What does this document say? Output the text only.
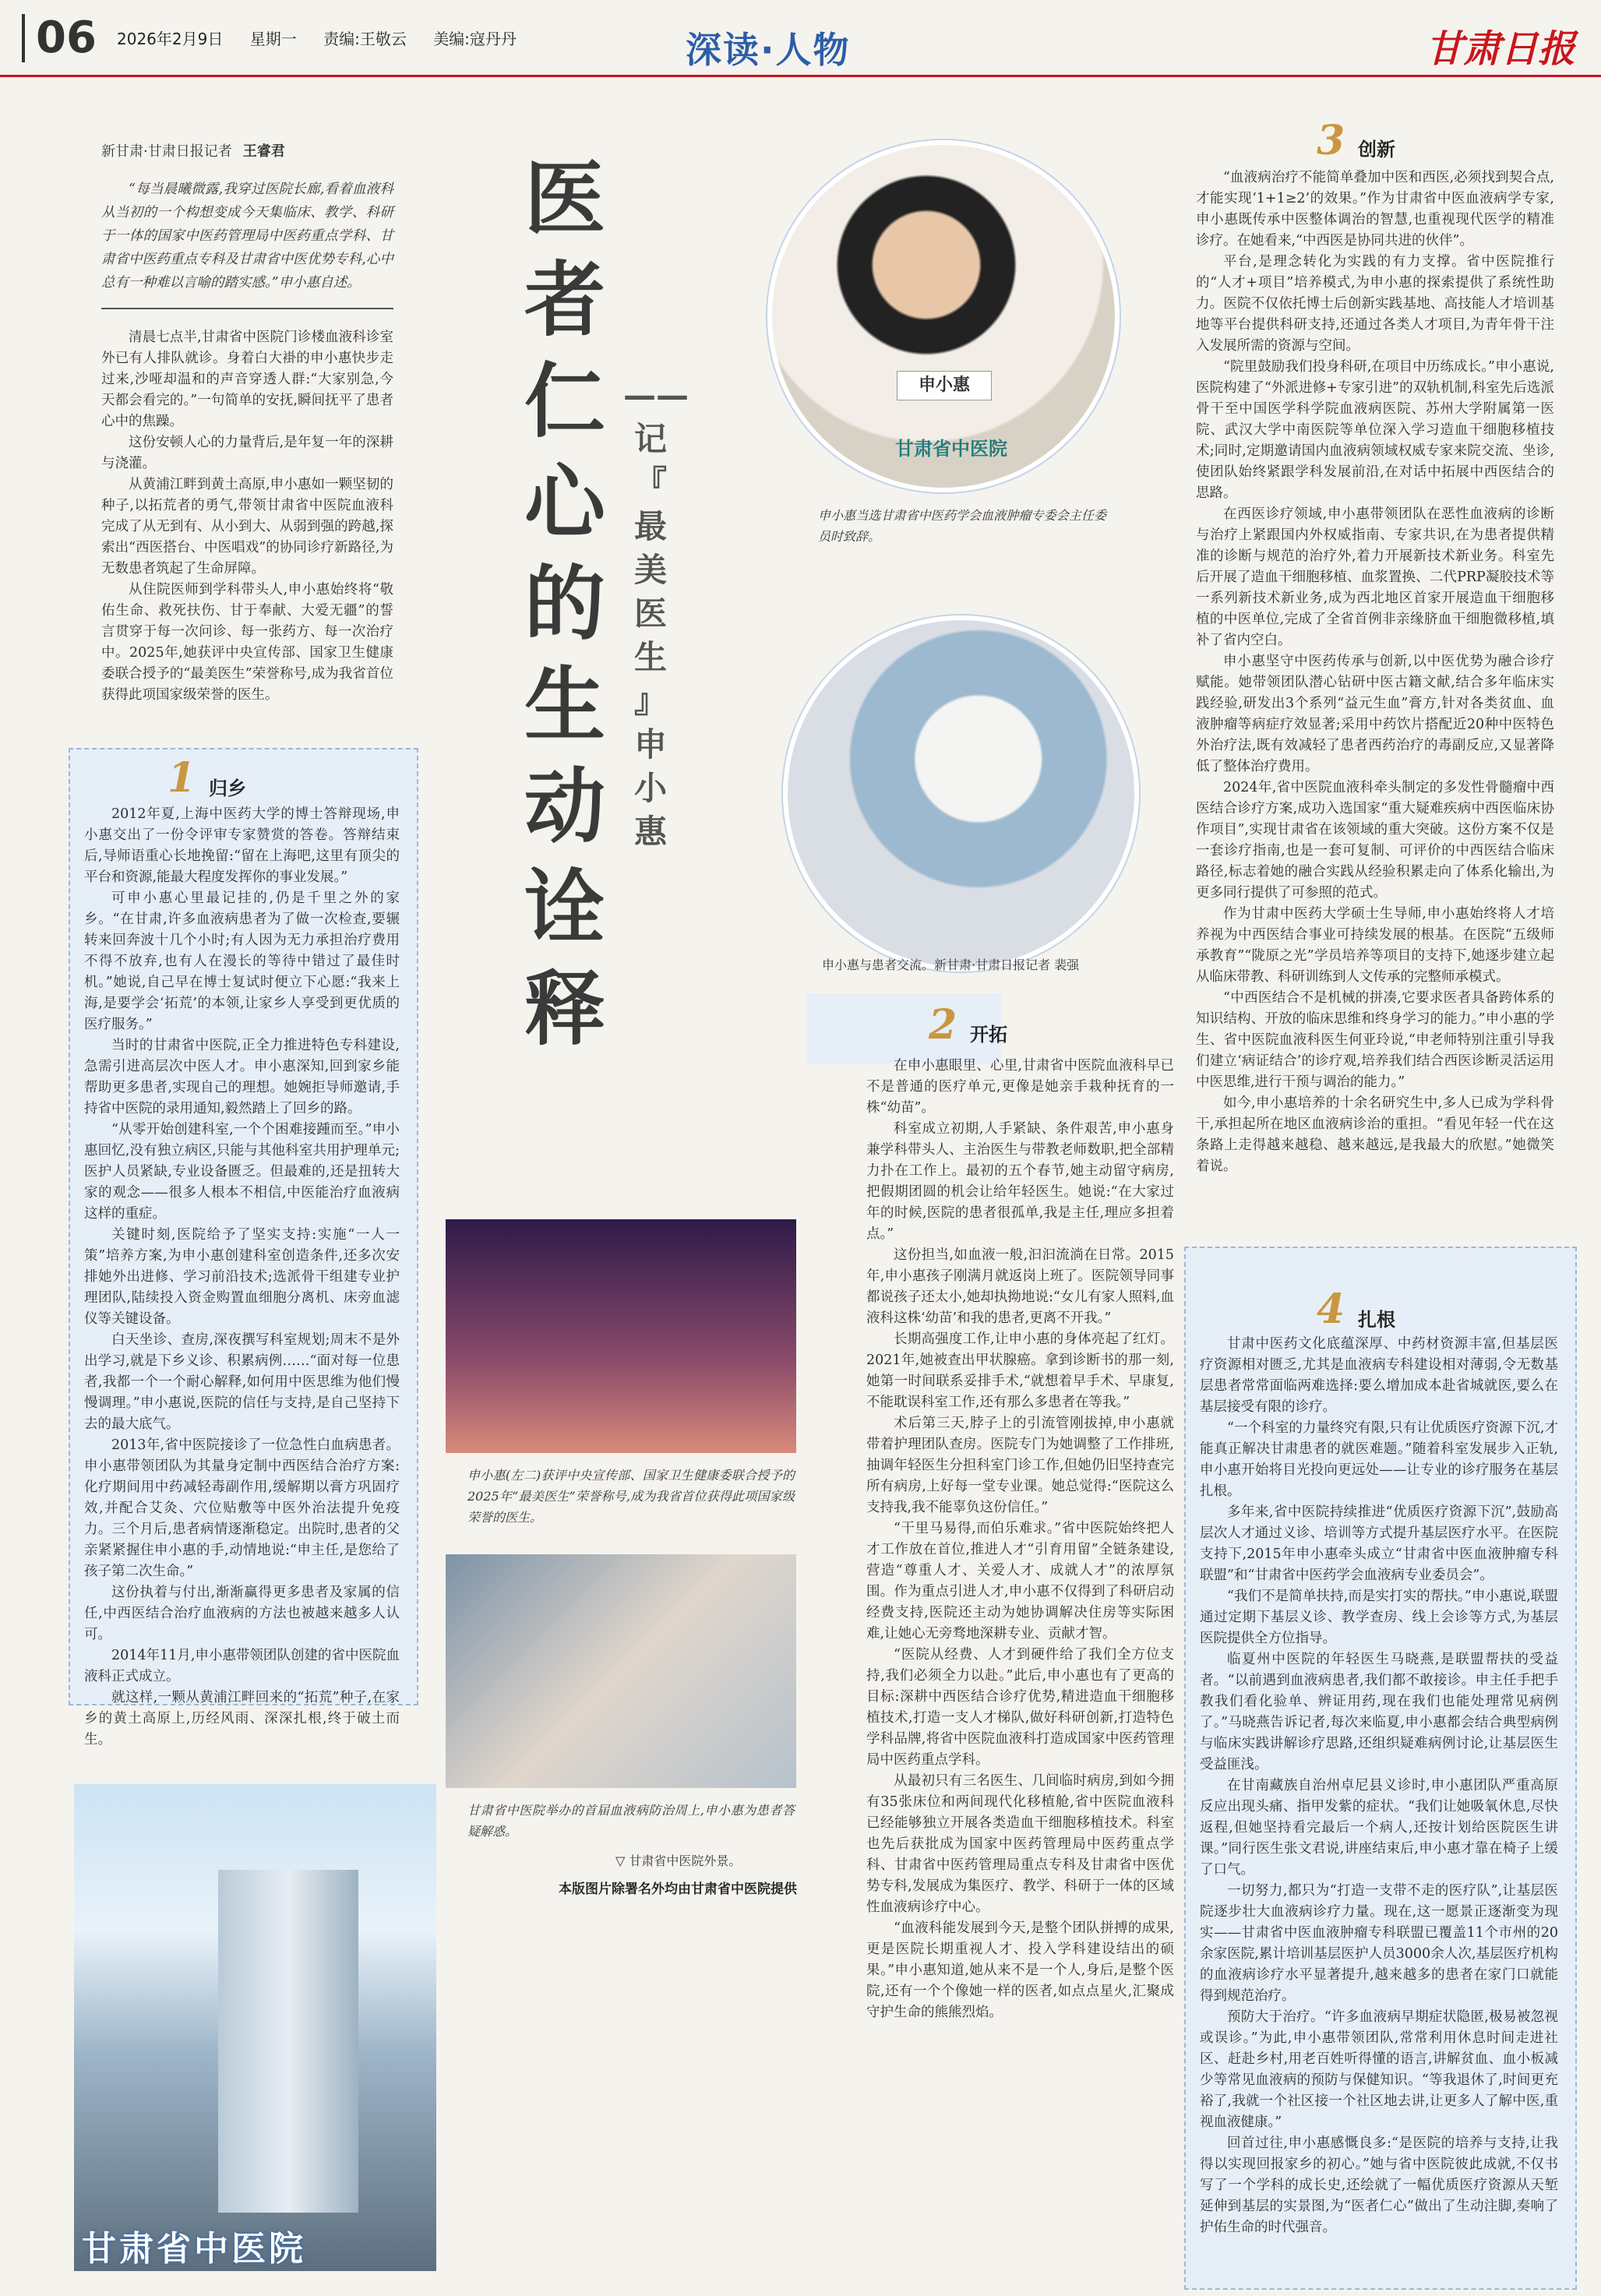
06	2026年2月9日 星期一 责编:王敬云 美编:寇丹丹	深读·人物	甘肃日报
新甘肃·甘肃日报记者 王睿君
“每当晨曦微露,我穿过医院长廊,看着血液科从当初的一个构想变成今天集临床、教学、科研于一体的国家中医药管理局中医药重点学科、甘肃省中医药重点专科及甘肃省中医优势专科,心中总有一种难以言喻的踏实感。”申小惠自述。

清晨七点半,甘肃省中医院门诊楼血液科诊室外已有人排队就诊。身着白大褂的申小惠快步走过来,沙哑却温和的声音穿透人群:“大家别急,今天都会看完的。”一句简单的安抚,瞬间抚平了患者心中的焦躁。

这份安顿人心的力量背后,是年复一年的深耕与浇灌。

从黄浦江畔到黄土高原,申小惠如一颗坚韧的种子,以拓荒者的勇气,带领甘肃省中医院血液科完成了从无到有、从小到大、从弱到强的跨越,探索出“西医搭台、中医唱戏”的协同诊疗新路径,为无数患者筑起了生命屏障。

从住院医师到学科带头人,申小惠始终将“敬佑生命、救死扶伤、甘于奉献、大爱无疆”的誓言贯穿于每一次问诊、每一张药方、每一次治疗中。2025年,她获评中央宣传部、国家卫生健康委联合授予的“最美医生”荣誉称号,成为我省首位获得此项国家级荣誉的医生。

医
者
仁
心
的
生
动
诠
释
——
记
『
最
美
医
生
』
申
小
惠
申小惠
甘肃省中医院
申小惠当选甘肃省中医药学会血液肿瘤专委会主任委员时致辞。
申小惠与患者交流。新甘肃·甘肃日报记者 裴强
1 归乡

2012年夏,上海中医药大学的博士答辩现场,申小惠交出了一份令评审专家赞赏的答卷。答辩结束后,导师语重心长地挽留:“留在上海吧,这里有顶尖的平台和资源,能最大程度发挥你的事业发展。”

可申小惠心里最记挂的,仍是千里之外的家乡。“在甘肃,许多血液病患者为了做一次检查,要辗转来回奔波十几个小时;有人因为无力承担治疗费用不得不放弃,也有人在漫长的等待中错过了最佳时机。”她说,自己早在博士复试时便立下心愿:“我来上海,是要学会‘拓荒’的本领,让家乡人享受到更优质的医疗服务。”

当时的甘肃省中医院,正全力推进特色专科建设,急需引进高层次中医人才。申小惠深知,回到家乡能帮助更多患者,实现自己的理想。她婉拒导师邀请,手持省中医院的录用通知,毅然踏上了回乡的路。

“从零开始创建科室,一个个困难接踵而至。”申小惠回忆,没有独立病区,只能与其他科室共用护理单元;医护人员紧缺,专业设备匮乏。但最难的,还是扭转大家的观念——很多人根本不相信,中医能治疗血液病这样的重症。

关键时刻,医院给予了坚实支持:实施“一人一策”培养方案,为申小惠创建科室创造条件,还多次安排她外出进修、学习前沿技术;选派骨干组建专业护理团队,陆续投入资金购置血细胞分离机、床旁血滤仪等关键设备。

白天坐诊、查房,深夜撰写科室规划;周末不是外出学习,就是下乡义诊、积累病例……“面对每一位患者,我都一个一个耐心解释,如何用中医思维为他们慢慢调理。”申小惠说,医院的信任与支持,是自己坚持下去的最大底气。

2013年,省中医院接诊了一位急性白血病患者。申小惠带领团队为其量身定制中西医结合治疗方案:化疗期间用中药减轻毒副作用,缓解期以膏方巩固疗效,并配合艾灸、穴位贴敷等中医外治法提升免疫力。三个月后,患者病情逐渐稳定。出院时,患者的父亲紧紧握住申小惠的手,动情地说:“申主任,是您给了孩子第二次生命。”

这份执着与付出,渐渐赢得更多患者及家属的信任,中西医结合治疗血液病的方法也被越来越多人认可。

2014年11月,申小惠带领团队创建的省中医院血液科正式成立。

就这样,一颗从黄浦江畔回来的“拓荒”种子,在家乡的黄土高原上,历经风雨、深深扎根,终于破土而生。

申小惠(左二)获评中央宣传部、国家卫生健康委联合授予的2025年“最美医生”荣誉称号,成为我省首位获得此项国家级荣誉的医生。
甘肃省中医院举办的首届血液病防治周上,申小惠为患者答疑解惑。
▽ 甘肃省中医院外景。
本版图片除署名外均由甘肃省中医院提供
甘肃省中医院
2 开拓

在申小惠眼里、心里,甘肃省中医院血液科早已不是普通的医疗单元,更像是她亲手栽种抚育的一株“幼苗”。

科室成立初期,人手紧缺、条件艰苦,申小惠身兼学科带头人、主治医生与带教老师数职,把全部精力扑在工作上。最初的五个春节,她主动留守病房,把假期团圆的机会让给年轻医生。她说:“在大家过年的时候,医院的患者很孤单,我是主任,理应多担着点。”

这份担当,如血液一般,汩汩流淌在日常。2015年,申小惠孩子刚满月就返岗上班了。医院领导同事都说孩子还太小,她却执拗地说:“女儿有家人照料,血液科这株‘幼苗’和我的患者,更离不开我。”

长期高强度工作,让申小惠的身体亮起了红灯。2021年,她被查出甲状腺癌。拿到诊断书的那一刻,她第一时间联系妥排手术,“就想着早手术、早康复,不能耽误科室工作,还有那么多患者在等我。”

术后第三天,脖子上的引流管刚拔掉,申小惠就带着护理团队查房。医院专门为她调整了工作排班,抽调年轻医生分担科室门诊工作,但她仍旧坚持查完所有病房,上好每一堂专业课。她总觉得:“医院这么支持我,我不能辜负这份信任。”

“干里马易得,而伯乐难求。”省中医院始终把人才工作放在首位,推进人才“引育用留”全链条建设,营造“尊重人才、关爱人才、成就人才”的浓厚氛围。作为重点引进人才,申小惠不仅得到了科研启动经费支持,医院还主动为她协调解决住房等实际困难,让她心无旁骛地深耕专业、贡献才智。

“医院从经费、人才到硬件给了我们全方位支持,我们必须全力以赴。”此后,申小惠也有了更高的目标:深耕中西医结合诊疗优势,精进造血干细胞移植技术,打造一支人才梯队,做好科研创新,打造特色学科品牌,将省中医院血液科打造成国家中医药管理局中医药重点学科。

从最初只有三名医生、几间临时病房,到如今拥有35张床位和两间现代化移植舱,省中医院血液科已经能够独立开展各类造血干细胞移植技术。科室也先后获批成为国家中医药管理局中医药重点学科、甘肃省中医药管理局重点专科及甘肃省中医优势专科,发展成为集医疗、教学、科研于一体的区域性血液病诊疗中心。

“血液科能发展到今天,是整个团队拼搏的成果,更是医院长期重视人才、投入学科建设结出的硕果。”申小惠知道,她从来不是一个人,身后,是整个医院,还有一个个像她一样的医者,如点点星火,汇聚成守护生命的熊熊烈焰。

3 创新

“血液病治疗不能简单叠加中医和西医,必须找到契合点,才能实现‘1+1≥2’的效果。”作为甘肃省中医血液病学专家,申小惠既传承中医整体调治的智慧,也重视现代医学的精准诊疗。在她看来,“中西医是协同共进的伙伴”。

平台,是理念转化为实践的有力支撑。省中医院推行的“人才+项目”培养模式,为申小惠的探索提供了系统性助力。医院不仅依托博士后创新实践基地、高技能人才培训基地等平台提供科研支持,还通过各类人才项目,为青年骨干注入发展所需的资源与空间。

“院里鼓励我们投身科研,在项目中历练成长。”申小惠说,医院构建了“外派进修+专家引进”的双轨机制,科室先后选派骨干至中国医学科学院血液病医院、苏州大学附属第一医院、武汉大学中南医院等单位深入学习造血干细胞移植技术;同时,定期邀请国内血液病领域权威专家来院交流、坐诊,使团队始终紧跟学科发展前沿,在对话中拓展中西医结合的思路。

在西医诊疗领域,申小惠带领团队在恶性血液病的诊断与治疗上紧跟国内外权威指南、专家共识,在为患者提供精准的诊断与规范的治疗外,着力开展新技术新业务。科室先后开展了造血干细胞移植、血浆置换、二代PRP凝胶技术等一系列新技术新业务,成为西北地区首家开展造血干细胞移植的中医单位,完成了全省首例非亲缘脐血干细胞微移植,填补了省内空白。

申小惠坚守中医药传承与创新,以中医优势为融合诊疗赋能。她带领团队潜心钻研中医古籍文献,结合多年临床实践经验,研发出3个系列“益元生血”膏方,针对各类贫血、血液肿瘤等病症疗效显著;采用中药饮片搭配近20种中医特色外治疗法,既有效减轻了患者西药治疗的毒副反应,又显著降低了整体治疗费用。

2024年,省中医院血液科牵头制定的多发性骨髓瘤中西医结合诊疗方案,成功入选国家“重大疑难疾病中西医临床协作项目”,实现甘肃省在该领域的重大突破。这份方案不仅是一套诊疗指南,也是一套可复制、可评价的中西医结合临床路径,标志着她的融合实践从经验积累走向了体系化输出,为更多同行提供了可参照的范式。

作为甘肃中医药大学硕士生导师,申小惠始终将人才培养视为中西医结合事业可持续发展的根基。在医院“五级师承教育”“陇原之光”学员培养等项目的支持下,她逐步建立起从临床带教、科研训练到人文传承的完整师承模式。

“中西医结合不是机械的拼凑,它要求医者具备跨体系的知识结构、开放的临床思维和终身学习的能力。”申小惠的学生、省中医院血液科医生何亚玲说,“申老师特别注重引导我们建立‘病证结合’的诊疗观,培养我们结合西医诊断灵活运用中医思维,进行干预与调治的能力。”

如今,申小惠培养的十余名研究生中,多人已成为学科骨干,承担起所在地区血液病诊治的重担。“看见年轻一代在这条路上走得越来越稳、越来越远,是我最大的欣慰。”她微笑着说。

4 扎根

甘肃中医药文化底蕴深厚、中药材资源丰富,但基层医疗资源相对匮乏,尤其是血液病专科建设相对薄弱,令无数基层患者常常面临两难选择:要么增加成本赴省城就医,要么在基层接受有限的诊疗。

“一个科室的力量终究有限,只有让优质医疗资源下沉,才能真正解决甘肃患者的就医难题。”随着科室发展步入正轨,申小惠开始将目光投向更远处——让专业的诊疗服务在基层扎根。

多年来,省中医院持续推进“优质医疗资源下沉”,鼓励高层次人才通过义诊、培训等方式提升基层医疗水平。在医院支持下,2015年申小惠牵头成立“甘肃省中医血液肿瘤专科联盟”和“甘肃省中医药学会血液病专业委员会”。

“我们不是简单扶持,而是实打实的帮扶。”申小惠说,联盟通过定期下基层义诊、教学查房、线上会诊等方式,为基层医院提供全方位指导。

临夏州中医院的年轻医生马晓燕,是联盟帮扶的受益者。“以前遇到血液病患者,我们都不敢接诊。申主任手把手教我们看化验单、辨证用药,现在我们也能处理常见病例了。”马晓燕告诉记者,每次来临夏,申小惠都会结合典型病例与临床实践讲解诊疗思路,还组织疑难病例讨论,让基层医生受益匪浅。

在甘南藏族自治州卓尼县义诊时,申小惠团队严重高原反应出现头痛、指甲发紫的症状。“我们让她吸氧休息,尽快返程,但她坚持看完最后一个病人,还按计划给医院医生讲课。”同行医生张文君说,讲座结束后,申小惠才靠在椅子上缓了口气。

一切努力,都只为“打造一支带不走的医疗队”,让基层医院逐步壮大血液病诊疗力量。现在,这一愿景正逐渐变为现实——甘肃省中医血液肿瘤专科联盟已覆盖11个市州的20余家医院,累计培训基层医护人员3000余人次,基层医疗机构的血液病诊疗水平显著提升,越来越多的患者在家门口就能得到规范治疗。

预防大于治疗。“许多血液病早期症状隐匿,极易被忽视或误诊。”为此,申小惠带领团队,常常利用休息时间走进社区、赶赴乡村,用老百姓听得懂的语言,讲解贫血、血小板减少等常见血液病的预防与保健知识。“等我退休了,时间更充裕了,我就一个社区接一个社区地去讲,让更多人了解中医,重视血液健康。”

回首过往,申小惠感慨良多:“是医院的培养与支持,让我得以实现回报家乡的初心。”她与省中医院彼此成就,不仅书写了一个学科的成长史,还绘就了一幅优质医疗资源从天堑延伸到基层的实景图,为“医者仁心”做出了生动注脚,奏响了护佑生命的时代强音。
